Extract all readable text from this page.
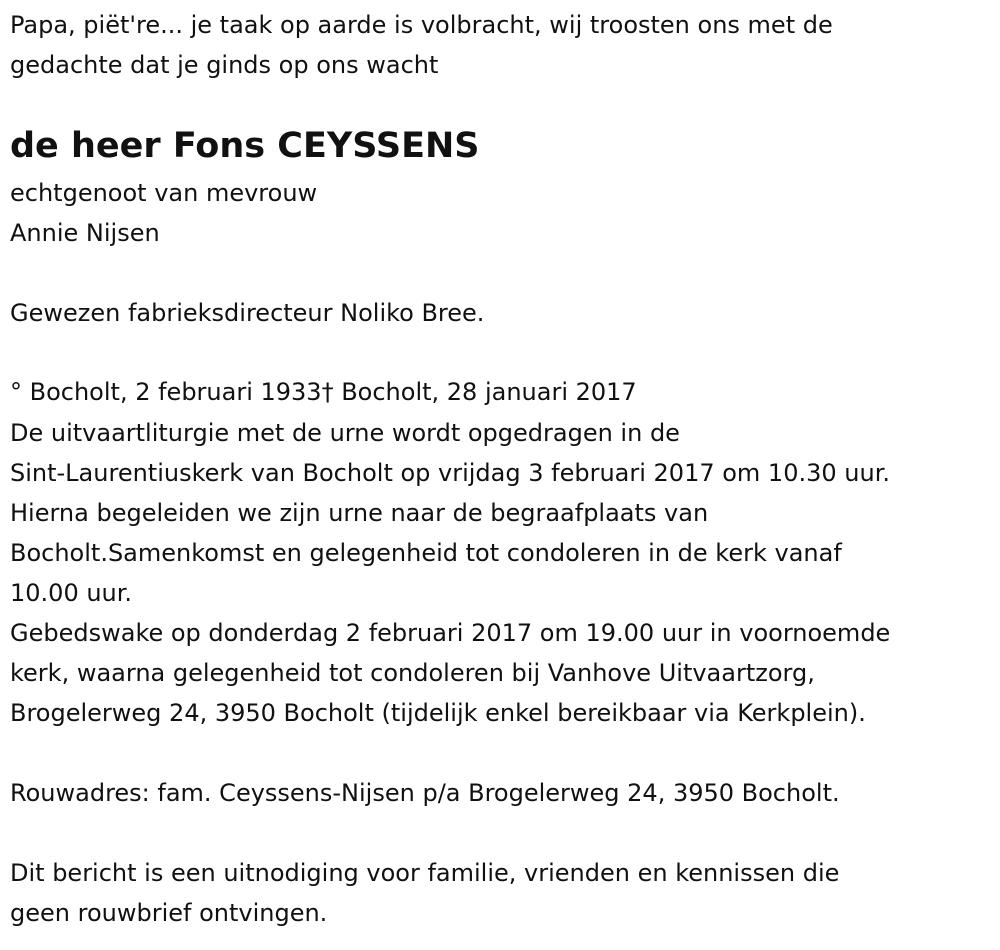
Papa, piët're... je taak op aarde is volbracht, wij troosten ons met de
gedachte dat je ginds op ons wacht
de heer Fons CEYSSENS
echtgenoot van mevrouw
Annie Nijsen
Gewezen fabrieksdirecteur Noliko Bree.
° Bocholt, 2 februari 1933† Bocholt, 28 januari 2017
De uitvaartliturgie met de urne wordt opgedragen in de
Sint-Laurentiuskerk van Bocholt op vrijdag 3 februari 2017 om 10.30 uur.
Hierna begeleiden we zijn urne naar de begraafplaats van
Bocholt.Samenkomst en gelegenheid tot condoleren in de kerk vanaf
10.00 uur.
Gebedswake op donderdag 2 februari 2017 om 19.00 uur in voornoemde
kerk, waarna gelegenheid tot condoleren bij Vanhove Uitvaartzorg,
Brogelerweg 24, 3950 Bocholt (tijdelijk enkel bereikbaar via Kerkplein).
Rouwadres: fam. Ceyssens-Nijsen p/a Brogelerweg 24, 3950 Bocholt.
Dit bericht is een uitnodiging voor familie, vrienden en kennissen die
geen rouwbrief ontvingen.
